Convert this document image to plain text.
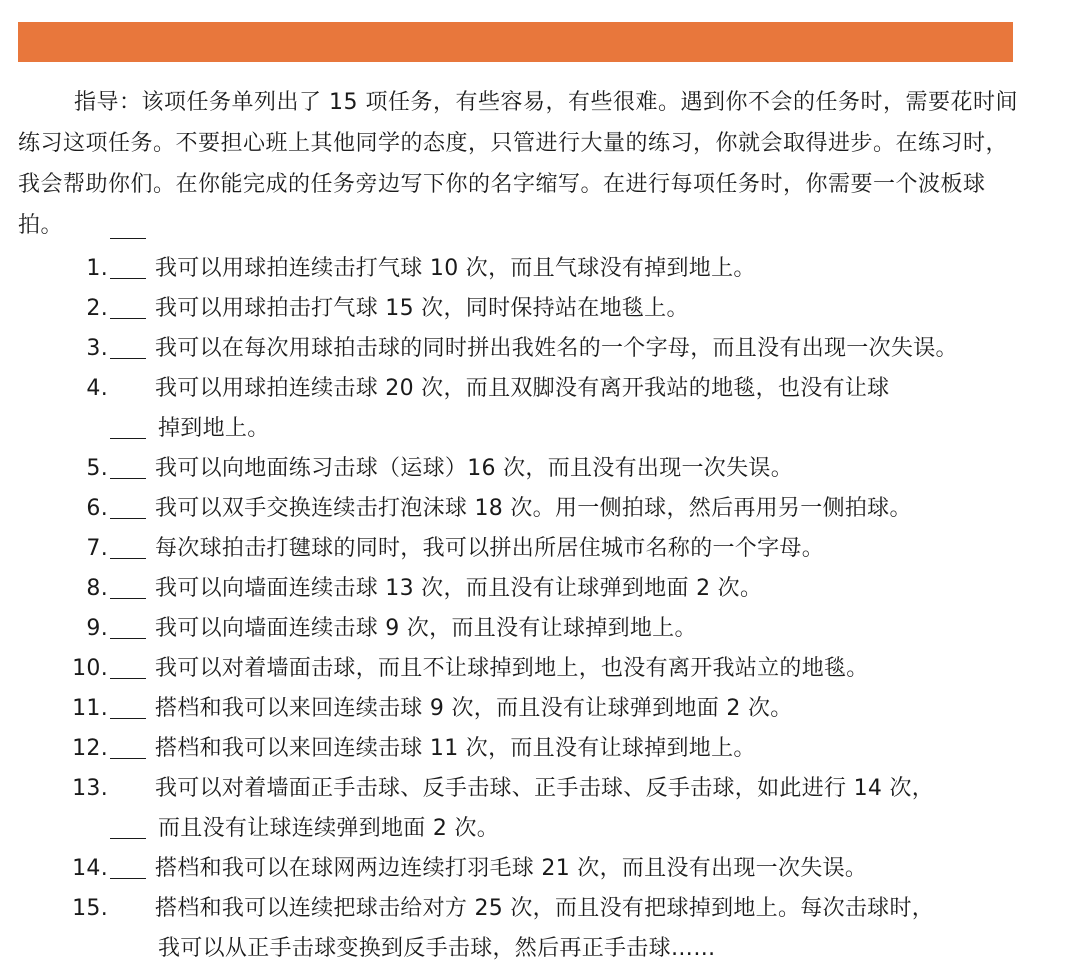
指导：该项任务单列出了 15 项任务，有些容易，有些很难。遇到你不会的任务时，需要花时间练习这项任务。不要担心班上其他同学的态度，只管进行大量的练习，你就会取得进步。在练习时，我会帮助你们。在你能完成的任务旁边写下你的名字缩写。在进行每项任务时，你需要一个波板球拍。

1. 我可以用球拍连续击打气球 10 次，而且气球没有掉到地上。
2. 我可以用球拍击打气球 15 次，同时保持站在地毯上。
3. 我可以在每次用球拍击球的同时拼出我姓名的一个字母，而且没有出现一次失误。
4. 我可以用球拍连续击球 20 次，而且双脚没有离开我站的地毯，也没有让球
掉到地上。
5. 我可以向地面练习击球（运球）16 次，而且没有出现一次失误。
6. 我可以双手交换连续击打泡沫球 18 次。用一侧拍球，然后再用另一侧拍球。
7. 每次球拍击打毽球的同时，我可以拼出所居住城市名称的一个字母。
8. 我可以向墙面连续击球 13 次，而且没有让球弹到地面 2 次。
9. 我可以向墙面连续击球 9 次，而且没有让球掉到地上。
10. 我可以对着墙面击球，而且不让球掉到地上，也没有离开我站立的地毯。
11. 搭档和我可以来回连续击球 9 次，而且没有让球弹到地面 2 次。
12. 搭档和我可以来回连续击球 11 次，而且没有让球掉到地上。
13. 我可以对着墙面正手击球、反手击球、正手击球、反手击球，如此进行 14 次，
而且没有让球连续弹到地面 2 次。
14. 搭档和我可以在球网两边连续打羽毛球 21 次，而且没有出现一次失误。
15. 搭档和我可以连续把球击给对方 25 次，而且没有把球掉到地上。每次击球时，
我可以从正手击球变换到反手击球，然后再正手击球……
